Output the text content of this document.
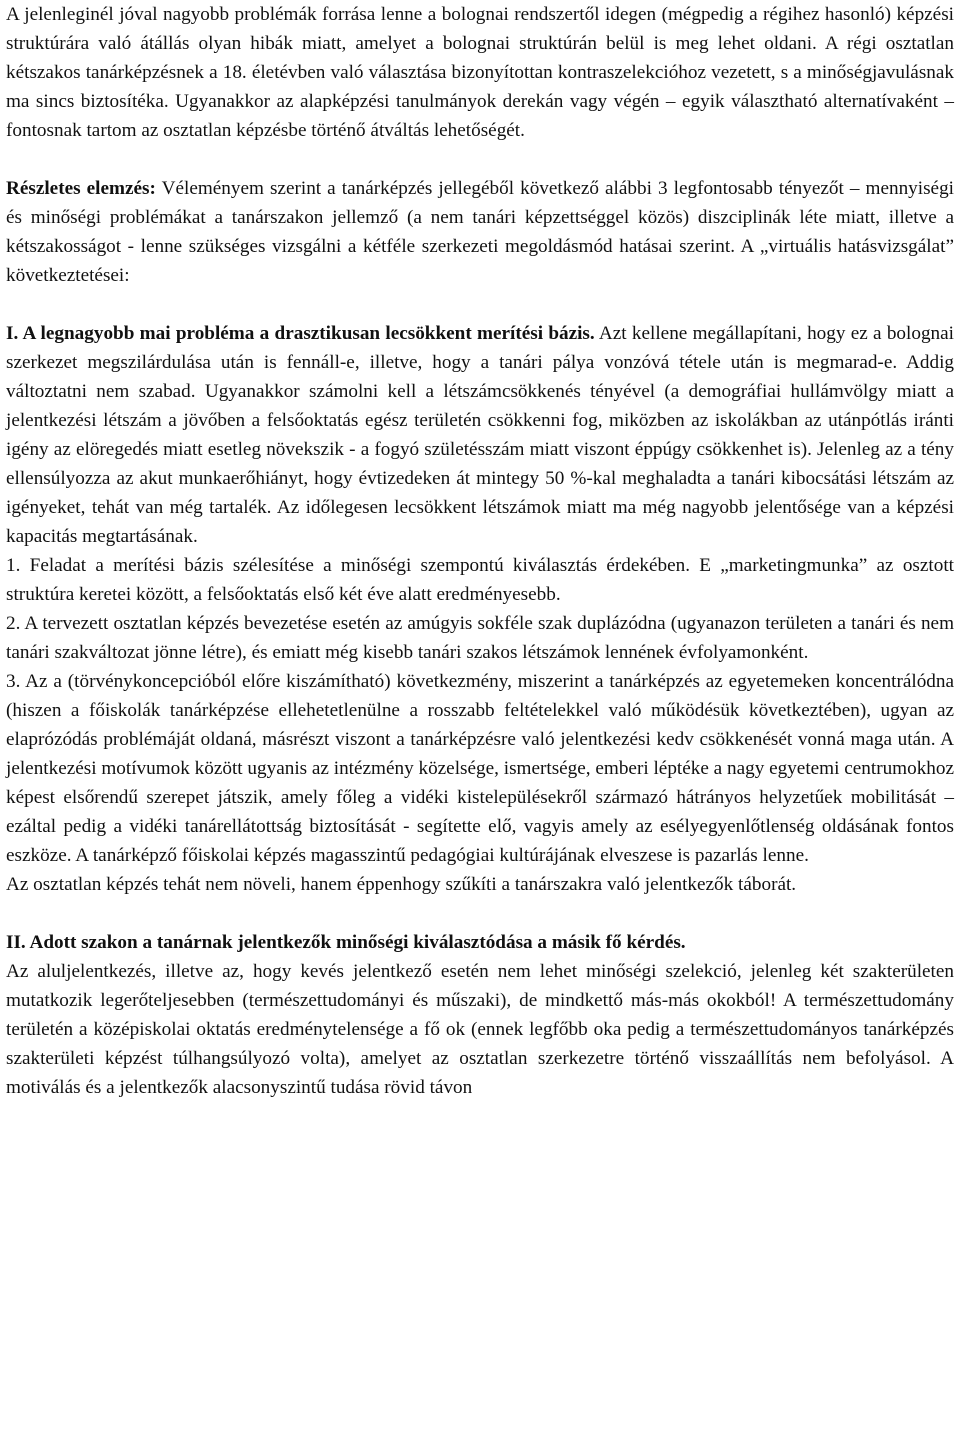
A jelenleginél jóval nagyobb problémák forrása lenne a bolognai rendszertől idegen (mégpedig a régihez hasonló) képzési struktúrára való átállás olyan hibák miatt, amelyet a bolognai struktúrán belül is meg lehet oldani. A régi osztatlan kétszakos tanárképzésnek a 18. életévben való választása bizonyítottan kontraszelekcióhoz vezetett, s a minőségjavulásnak ma sincs biztosítéka. Ugyanakkor az alapképzési tanulmányok derekán vagy végén – egyik választható alternatívaként – fontosnak tartom az osztatlan képzésbe történő átváltás lehetőségét.

Részletes elemzés: Véleményem szerint a tanárképzés jellegéből következő alábbi 3 legfontosabb tényezőt – mennyiségi és minőségi problémákat a tanárszakon jellemző (a nem tanári képzettséggel közös) diszciplinák léte miatt, illetve a kétszakosságot - lenne szükséges vizsgálni a kétféle szerkezeti megoldásmód hatásai szerint. A „virtuális hatásvizsgálat” következtetései:

I. A legnagyobb mai probléma a drasztikusan lecsökkent merítési bázis. Azt kellene megállapítani, hogy ez a bolognai szerkezet megszilárdulása után is fennáll-e, illetve, hogy a tanári pálya vonzóvá tétele után is megmarad-e. Addig változtatni nem szabad. Ugyanakkor számolni kell a létszámcsökkenés tényével (a demográfiai hullámvölgy miatt a jelentkezési létszám a jövőben a felsőoktatás egész területén csökkenni fog, miközben az iskolákban az utánpótlás iránti igény az elöregedés miatt esetleg növekszik - a fogyó születésszám miatt viszont éppúgy csökkenhet is). Jelenleg az a tény ellensúlyozza az akut munkaerőhiányt, hogy évtizedeken át mintegy 50 %-kal meghaladta a tanári kibocsátási létszám az igényeket, tehát van még tartalék. Az időlegesen lecsökkent létszámok miatt ma még nagyobb jelentősége van a képzési kapacitás megtartásának.

1. Feladat a merítési bázis szélesítése a minőségi szempontú kiválasztás érdekében. E „marketingmunka” az osztott struktúra keretei között, a felsőoktatás első két éve alatt eredményesebb.

2. A tervezett osztatlan képzés bevezetése esetén az amúgyis sokféle szak duplázódna (ugyanazon területen a tanári és nem tanári szakváltozat jönne létre), és emiatt még kisebb tanári szakos létszámok lennének évfolyamonként.

3. Az a (törvénykoncepcióból előre kiszámítható) következmény, miszerint a tanárképzés az egyetemeken koncentrálódna (hiszen a főiskolák tanárképzése ellehetetlenülne a rosszabb feltételekkel való működésük következtében), ugyan az elaprózódás problémáját oldaná, másrészt viszont a tanárképzésre való jelentkezési kedv csökkenését vonná maga után. A jelentkezési motívumok között ugyanis az intézmény közelsége, ismertsége, emberi léptéke a nagy egyetemi centrumokhoz képest elsőrendű szerepet játszik, amely főleg a vidéki kistelepülésekről származó hátrányos helyzetűek mobilitását – ezáltal pedig a vidéki tanárellátottság biztosítását - segítette elő, vagyis amely az esélyegyenlőtlenség oldásának fontos eszköze. A tanárképző főiskolai képzés magasszintű pedagógiai kultúrájának elveszese is pazarlás lenne.

Az osztatlan képzés tehát nem növeli, hanem éppenhogy szűkíti a tanárszakra való jelentkezők táborát.

II. Adott szakon a tanárnak jelentkezők minőségi kiválasztódása a másik fő kérdés.

Az aluljelentkezés, illetve az, hogy kevés jelentkező esetén nem lehet minőségi szelekció, jelenleg két szakterületen mutatkozik legerőteljesebben (természettudományi és műszaki), de mindkettő más-más okokból! A természettudomány területén a középiskolai oktatás eredménytelensége a fő ok (ennek legfőbb oka pedig a természettudományos tanárképzés szakterületi képzést túlhangsúlyozó volta), amelyet az osztatlan szerkezetre történő visszaállítás nem befolyásol. A motiválás és a jelentkezők alacsonyszintű tudása rövid távon
